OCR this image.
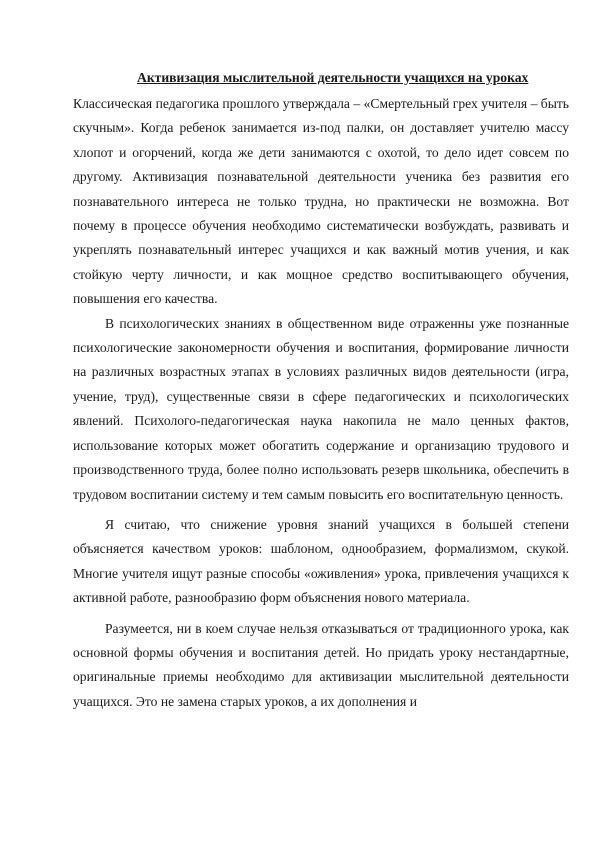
Активизация мыслительной деятельности учащихся на уроках

Классическая педагогика прошлого утверждала – «Смертельный грех учителя – быть скучным». Когда ребенок занимается из-под палки, он доставляет учителю массу хлопот и огорчений, когда же дети занимаются с охотой, то дело идет совсем по другому. Активизация познавательной деятельности ученика без развития его познавательного интереса не только трудна, но практически не возможна. Вот почему в процессе обучения необходимо систематически возбуждать, развивать и укреплять познавательный интерес учащихся и как важный мотив учения, и как стойкую черту личности, и как мощное средство воспитывающего обучения, повышения его качества.

В психологических знаниях в общественном виде отраженны уже познанные психологические закономерности обучения и воспитания, формирование личности на различных возрастных этапах в условиях различных видов деятельности (игра, учение, труд), существенные связи в сфере педагогических и психологических явлений. Психолого-педагогическая наука накопила не мало ценных фактов, использование которых может обогатить содержание и организацию трудового и производственного труда, более полно использовать резерв школьника, обеспечить в трудовом воспитании систему и тем самым повысить его воспитательную ценность.

Я считаю, что снижение уровня знаний учащихся в большей степени объясняется качеством уроков: шаблоном, однообразием, формализмом, скукой. Многие учителя ищут разные способы «оживления» урока, привлечения учащихся к активной работе, разнообразию форм объяснения нового материала.

Разумеется, ни в коем случае нельзя отказываться от традиционного урока, как основной формы обучения и воспитания детей. Но придать уроку нестандартные, оригинальные приемы необходимо для активизации мыслительной деятельности учащихся. Это не замена старых уроков, а их дополнения и
